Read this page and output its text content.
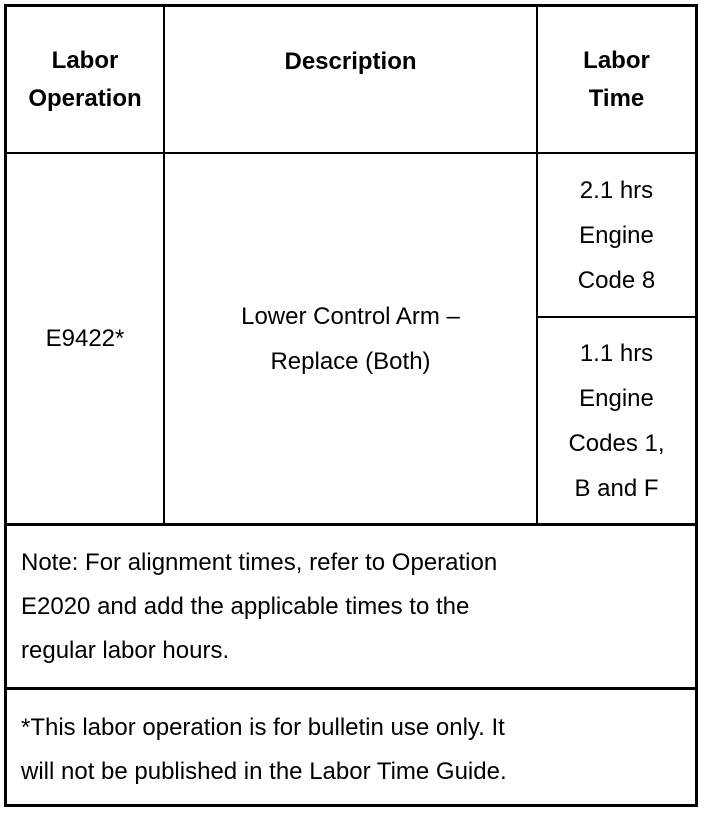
Labor
Operation
Description	Labor
Time
E9422*
Lower Control Arm –
Replace (Both)
2.1 hrs
Engine
Code 8
1.1 hrs
Engine
Codes 1,
B and F
Note: For alignment times, refer to Operation
E2020 and add the applicable times to the
regular labor hours.
*This labor operation is for bulletin use only. It
will not be published in the Labor Time Guide.
